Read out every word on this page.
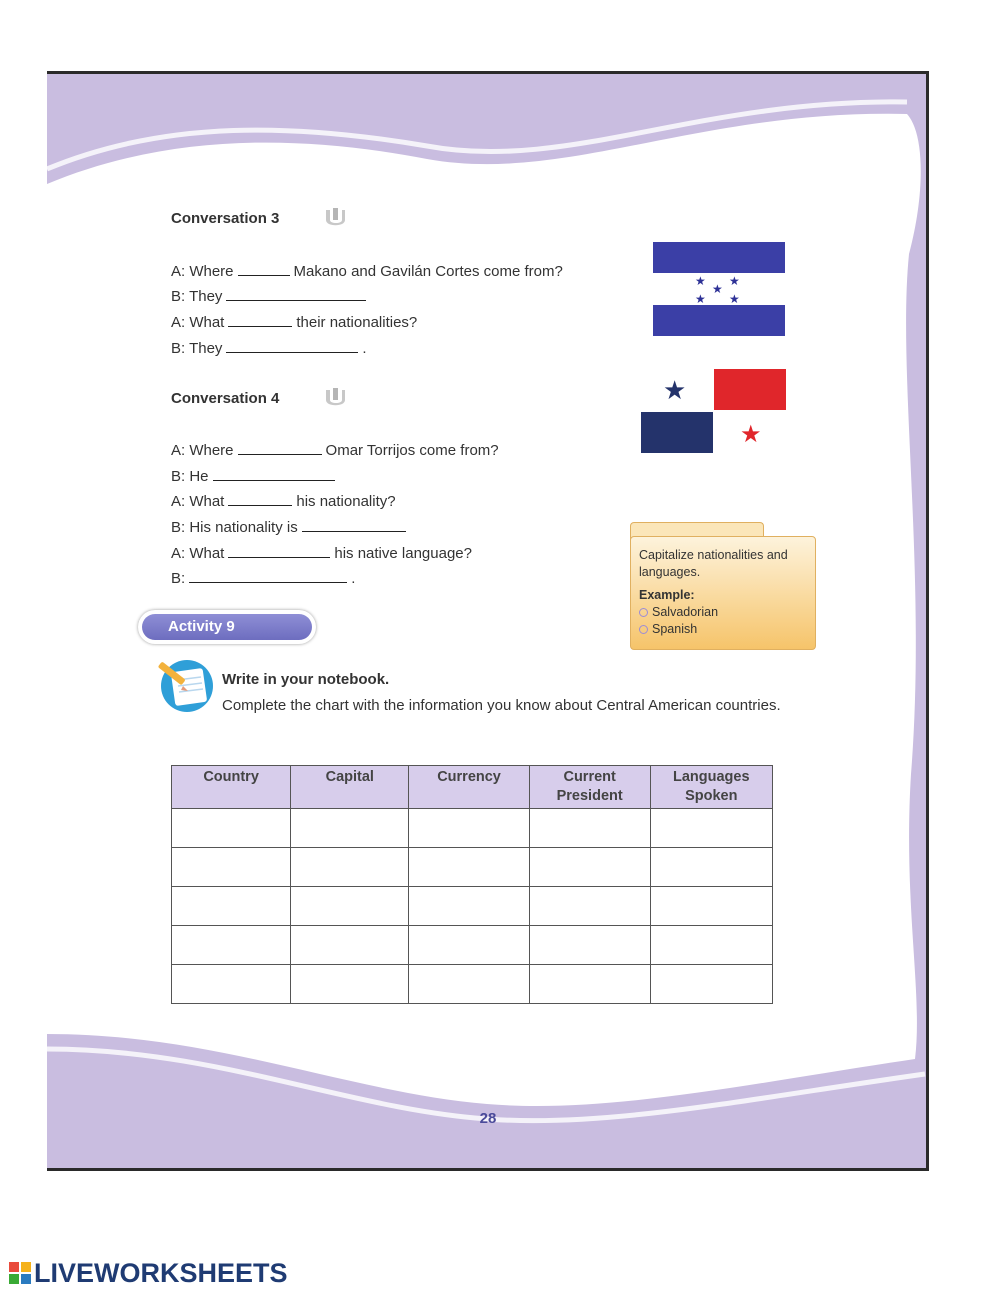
Conversation 3
A: Where	Makano and Gavilán Cortes come from?
B: They
A: What	their nationalities?
B: They	.
★ ★
★
★ ★
Conversation 4	★
★
A: Where	Omar Torrijos come from?
B: He
A: What	his nationality?
B: His nationality is
A: What	his native language?
B:	.
Capitalize nationalities and languages.
Example:
Salvadorian
Spanish
Activity 9
Write in your notebook.
Complete the chart with the information you know about Central American countries.
Country	Capital	Currency	Current President	Languages Spoken

28
LIVEWORKSHEETS
